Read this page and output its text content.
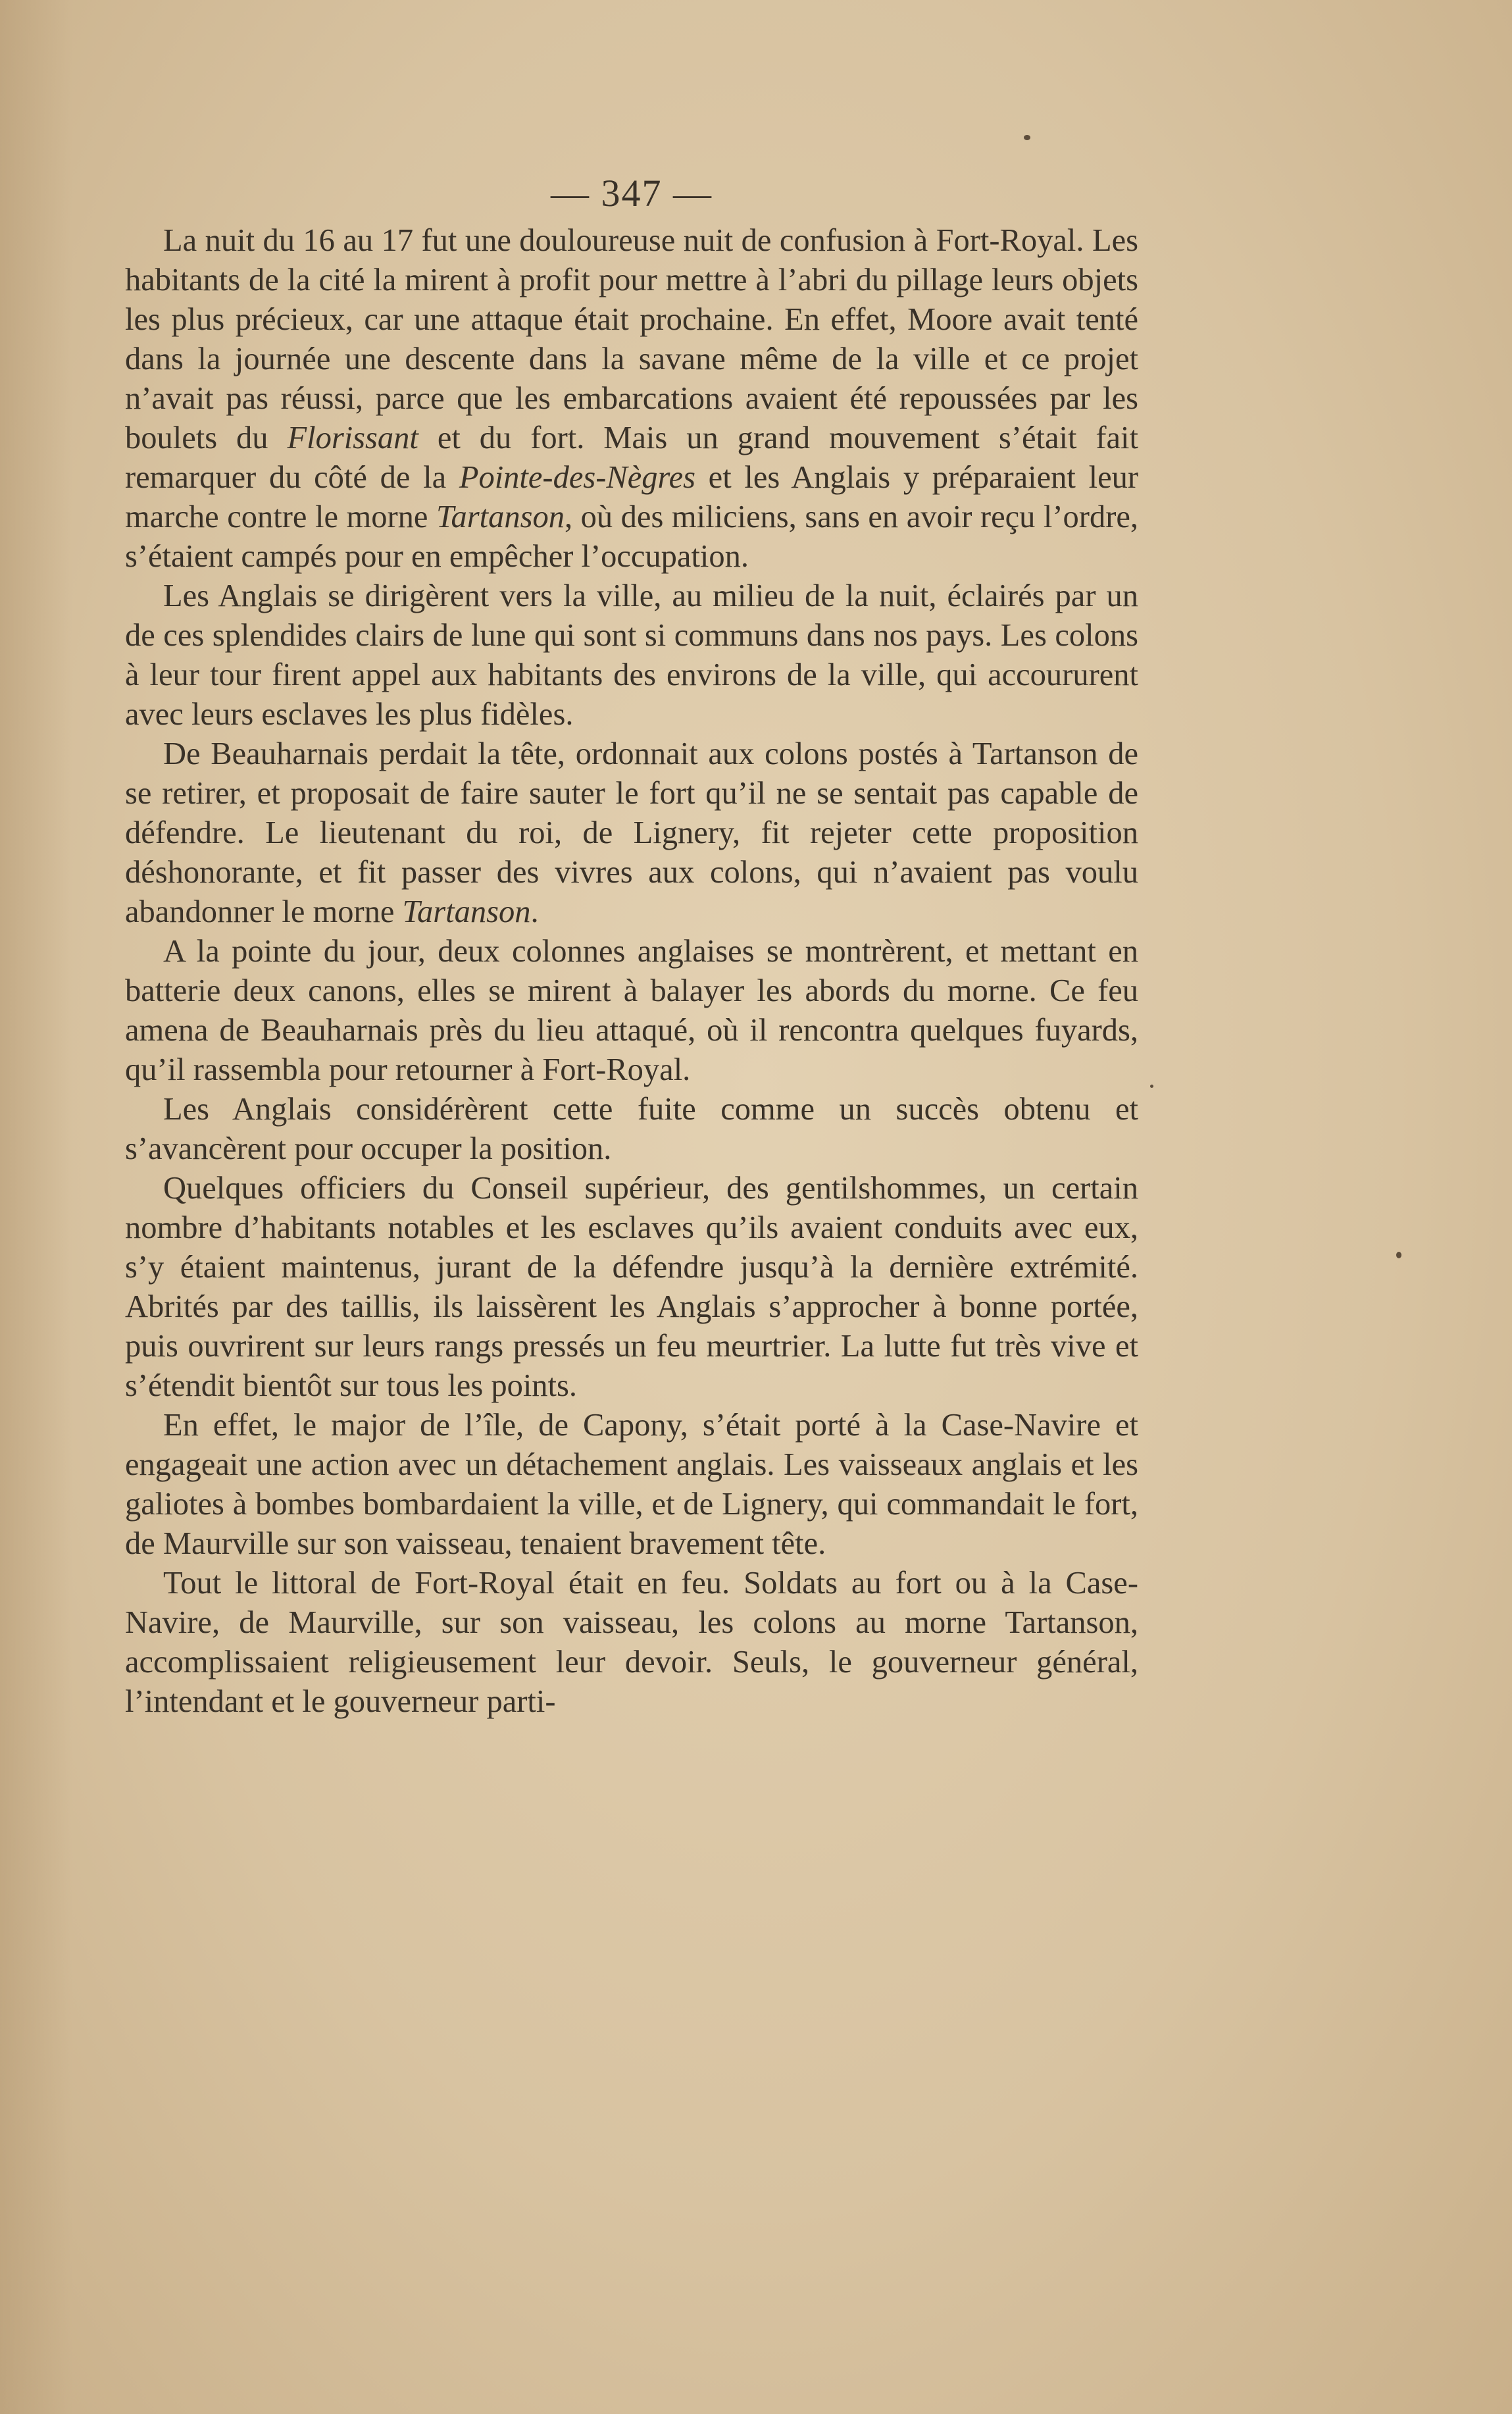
— 347 —

La nuit du 16 au 17 fut une douloureuse nuit de confusion à Fort-Royal. Les habitants de la cité la mirent à profit pour mettre à l’abri du pillage leurs objets les plus précieux, car une attaque était prochaine. En effet, Moore avait tenté dans la journée une descente dans la savane même de la ville et ce projet n’avait pas réussi, parce que les embarcations avaient été repoussées par les boulets du Florissant et du fort. Mais un grand mouvement s’était fait remarquer du côté de la Pointe-des-Nègres et les Anglais y préparaient leur marche contre le morne Tartanson, où des miliciens, sans en avoir reçu l’ordre, s’étaient campés pour en empêcher l’occupation.

Les Anglais se dirigèrent vers la ville, au milieu de la nuit, éclairés par un de ces splendides clairs de lune qui sont si communs dans nos pays. Les colons à leur tour firent appel aux habitants des environs de la ville, qui accoururent avec leurs esclaves les plus fidèles.

De Beauharnais perdait la tête, ordonnait aux colons postés à Tartanson de se retirer, et proposait de faire sauter le fort qu’il ne se sentait pas capable de défendre. Le lieutenant du roi, de Lignery, fit rejeter cette proposition déshonorante, et fit passer des vivres aux colons, qui n’avaient pas voulu abandonner le morne Tartanson.

A la pointe du jour, deux colonnes anglaises se montrèrent, et mettant en batterie deux canons, elles se mirent à balayer les abords du morne. Ce feu amena de Beauharnais près du lieu attaqué, où il rencontra quelques fuyards, qu’il rassembla pour retourner à Fort-Royal.

Les Anglais considérèrent cette fuite comme un succès obtenu et s’avancèrent pour occuper la position.

Quelques officiers du Conseil supérieur, des gentilshommes, un certain nombre d’habitants notables et les esclaves qu’ils avaient conduits avec eux, s’y étaient maintenus, jurant de la défendre jusqu’à la dernière extrémité. Abrités par des taillis, ils laissèrent les Anglais s’approcher à bonne portée, puis ouvrirent sur leurs rangs pressés un feu meurtrier. La lutte fut très vive et s’étendit bientôt sur tous les points.

En effet, le major de l’île, de Capony, s’était porté à la Case-Navire et engageait une action avec un détachement anglais. Les vaisseaux anglais et les galiotes à bombes bombardaient la ville, et de Lignery, qui commandait le fort, de Maurville sur son vaisseau, tenaient bravement tête.

Tout le littoral de Fort-Royal était en feu. Soldats au fort ou à la Case-Navire, de Maurville, sur son vaisseau, les colons au morne Tartanson, accomplissaient religieusement leur devoir. Seuls, le gouverneur général, l’intendant et le gouverneur parti-
